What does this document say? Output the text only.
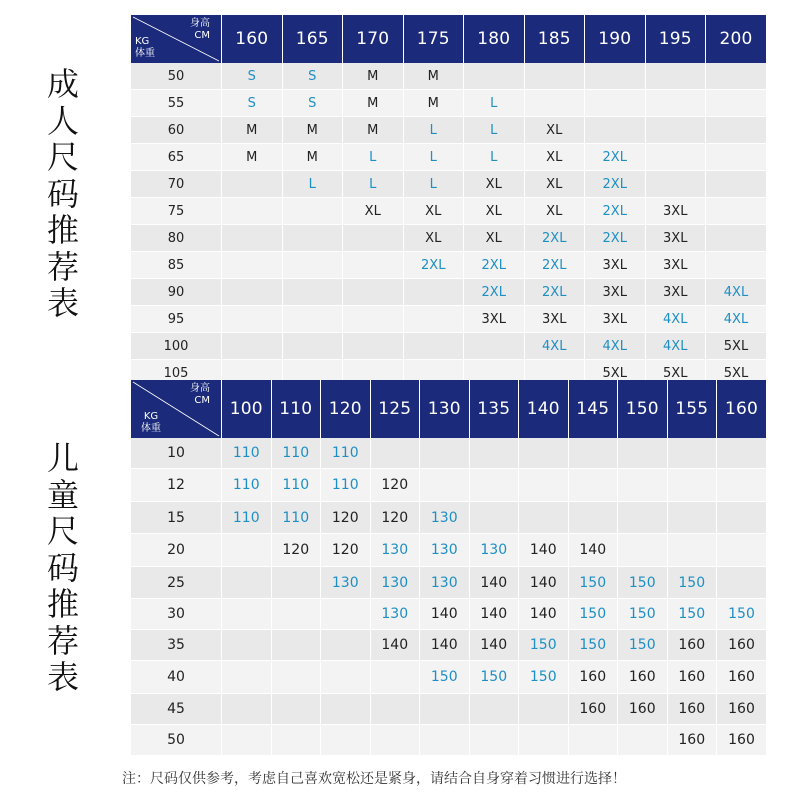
成
人
尺
码
推
荐
表
身高
CM
KG
体重	160	165	170	175	180	185	190	195	200
50	S	S	M	M					
55	S	S	M	M	L				
60	M	M	M	L	L	XL			
65	M	M	L	L	L	XL	2XL		
70		L	L	L	XL	XL	2XL		
75			XL	XL	XL	XL	2XL	3XL	
80				XL	XL	2XL	2XL	3XL	
85				2XL	2XL	2XL	3XL	3XL	
90					2XL	2XL	3XL	3XL	4XL
95					3XL	3XL	3XL	4XL	4XL
100						4XL	4XL	4XL	5XL
105							5XL	5XL	5XL
儿
童
尺
码
推
荐
表
身高
CM
KG
体重	100	110	120	125	130	135	140	145	150	155	160
10	110	110	110								
12	110	110	110	120							
15	110	110	120	120	130						
20		120	120	130	130	130	140	140			
25			130	130	130	140	140	150	150	150	
30				130	140	140	140	150	150	150	150
35				140	140	140	150	150	150	160	160
40					150	150	150	160	160	160	160
45								160	160	160	160
50										160	160
注：尺码仅供参考，考虑自己喜欢宽松还是紧身，请结合自身穿着习惯进行选择！
